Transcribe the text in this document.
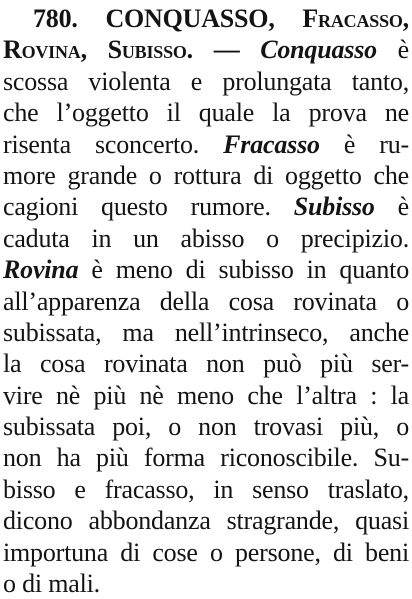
780. CONQUASSO, Fracasso,
Rovina, Subisso. — Conquasso è
scossa violenta e prolungata tanto,
che l’oggetto il quale la prova ne
risenta sconcerto. Fracasso è ru-
more grande o rottura di oggetto che
cagioni questo rumore. Subisso è
caduta in un abisso o precipizio.
Rovina è meno di subisso in quanto
all’apparenza della cosa rovinata o
subissata, ma nell’intrinseco, anche
la cosa rovinata non può più ser-
vire nè più nè meno che l’altra : la
subissata poi, o non trovasi più, o
non ha più forma riconoscibile. Su-
bisso e fracasso, in senso traslato,
dicono abbondanza stragrande, quasi
importuna di cose o persone, di beni
o di mali.
